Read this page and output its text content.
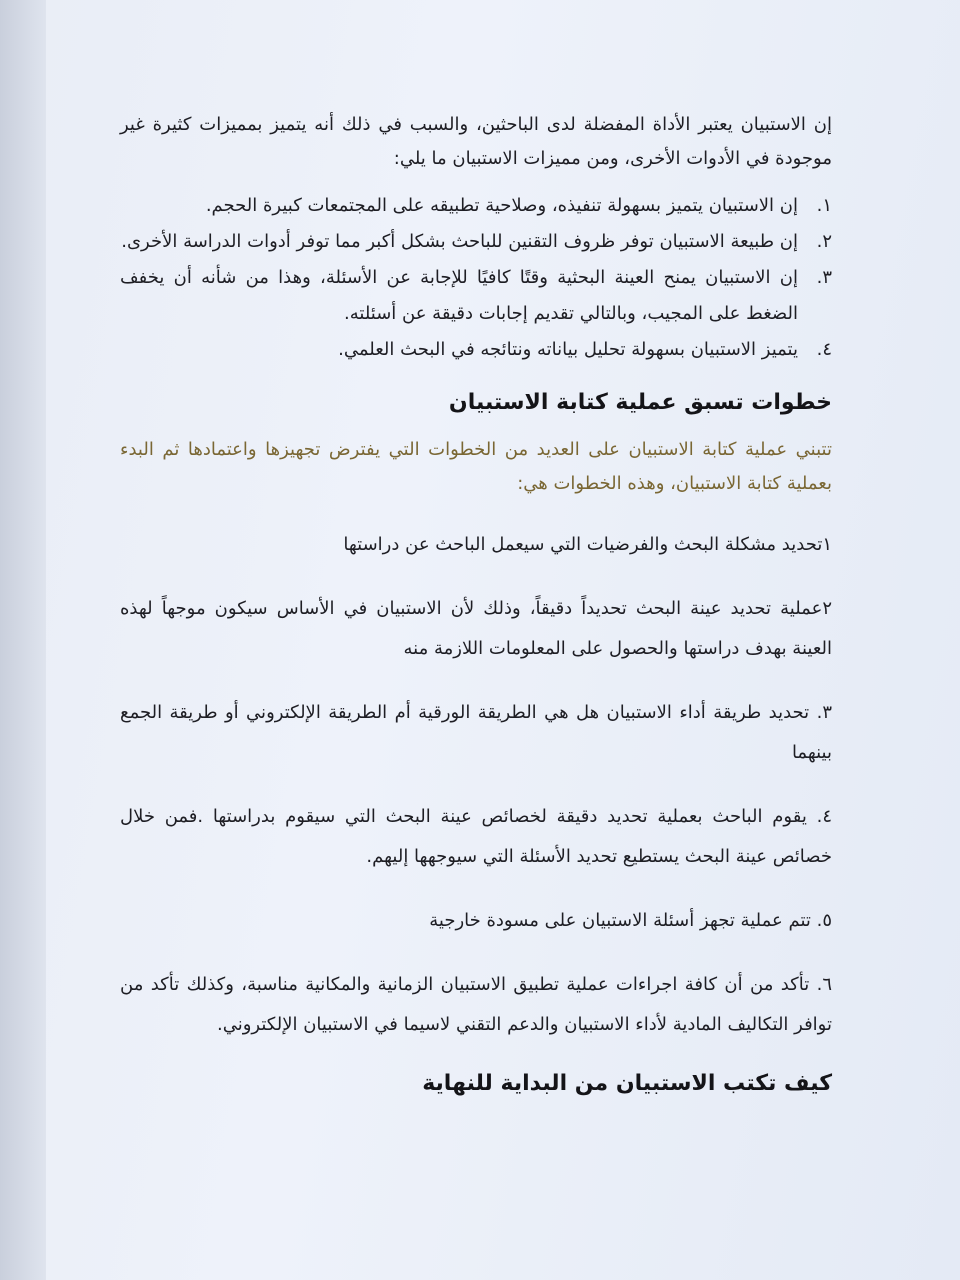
إن الاستبيان يعتبر الأداة المفضلة لدى الباحثين، والسبب في ذلك أنه يتميز بمميزات كثيرة غير موجودة في الأدوات الأخرى، ومن مميزات الاستبيان ما يلي:

١.
إن الاستبيان يتميز بسهولة تنفيذه، وصلاحية تطبيقه على المجتمعات كبيرة الحجم.
٢.
إن طبيعة الاستبيان توفر ظروف التقنين للباحث بشكل أكبر مما توفر أدوات الدراسة الأخرى.
٣.
إن الاستبيان يمنح العينة البحثية وقتًا كافيًا للإجابة عن الأسئلة، وهذا من شأنه أن يخفف الضغط على المجيب، وبالتالي تقديم إجابات دقيقة عن أسئلته.
٤.
يتميز الاستبيان بسهولة تحليل بياناته ونتائجه في البحث العلمي.
خطوات تسبق عملية كتابة الاستبيان

تتبني عملية كتابة الاستبيان على العديد من الخطوات التي يفترض تجهيزها واعتمادها ثم البدء بعملية كتابة الاستبيان، وهذه الخطوات هي:

١تحديد مشكلة البحث والفرضيات التي سيعمل الباحث عن دراستها

٢عملية تحديد عينة البحث تحديداً دقيقاً، وذلك لأن الاستبيان في الأساس سيكون موجهاً لهذه العينة بهدف دراستها والحصول على المعلومات اللازمة منه

٣. تحديد طريقة أداء الاستبيان هل هي الطريقة الورقية أم الطريقة الإلكتروني أو طريقة الجمع بينهما

٤. يقوم الباحث بعملية تحديد دقيقة لخصائص عينة البحث التي سيقوم بدراستها .فمن خلال خصائص عينة البحث يستطيع تحديد الأسئلة التي سيوجهها إليهم.

٥. تتم عملية تجهز أسئلة الاستبيان على مسودة خارجية

٦. تأكد من أن كافة اجراءات عملية تطبيق الاستبيان الزمانية والمكانية مناسبة، وكذلك تأكد من توافر التكاليف المادية لأداء الاستبيان والدعم التقني لاسيما في الاستبيان الإلكتروني.

كيف تكتب الاستبيان من البداية للنهاية
